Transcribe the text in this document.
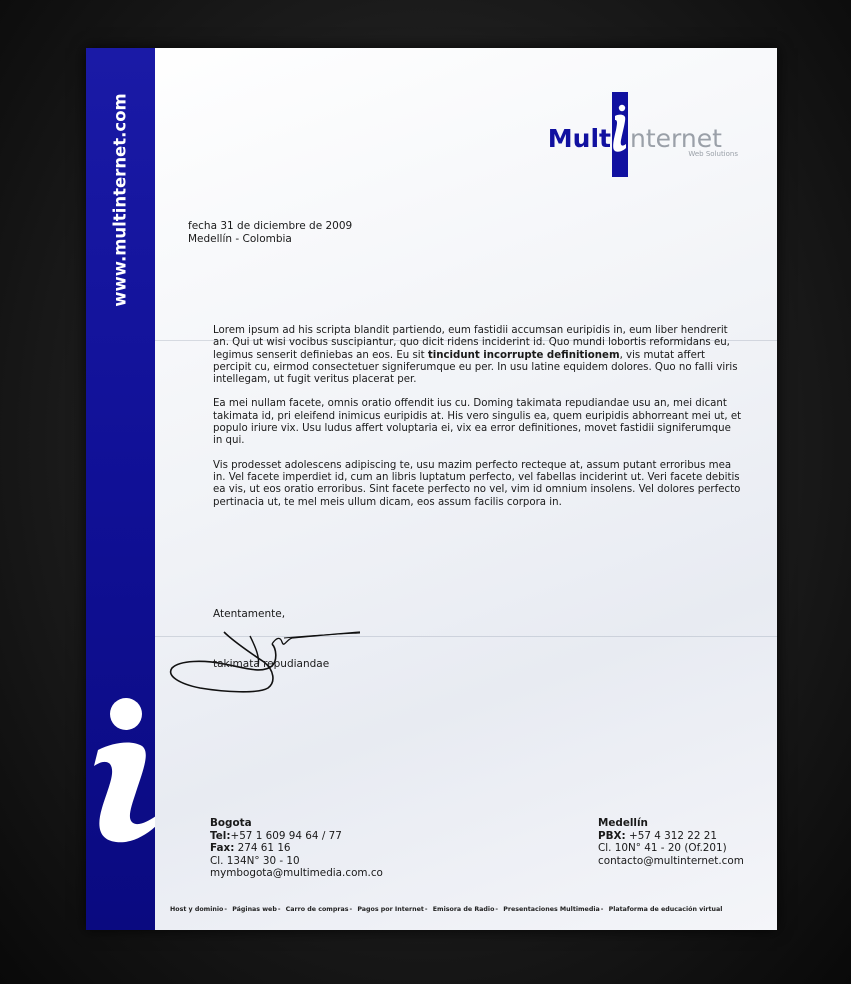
www.multinternet.com	Mult nternet
Web Solutions
fecha 31 de diciembre de 2009
Medellín - Colombia

Lorem ipsum ad his scripta blandit partiendo, eum fastidii accumsan euripidis in, eum liber hendrerit an. Qui ut wisi vocibus suscipiantur, quo dicit ridens inciderint id. Quo mundi lobortis reformidans eu, legimus senserit definiebas an eos. Eu sit tincidunt incorrupte definitionem, vis mutat affert percipit cu, eirmod consectetuer signiferumque eu per. In usu latine equidem dolores. Quo no falli viris intellegam, ut fugit veritus placerat per.

Ea mei nullam facete, omnis oratio offendit ius cu. Doming takimata repudiandae usu an, mei dicant takimata id, pri eleifend inimicus euripidis at. His vero singulis ea, quem euripidis abhorreant mei ut, et populo iriure vix. Usu ludus affert voluptaria ei, vix ea error definitiones, movet fastidii signiferumque in qui.

Vis prodesset adolescens adipiscing te, usu mazim perfecto recteque at, assum putant erroribus mea in. Vel facete imperdiet id, cum an libris luptatum perfecto, vel fabellas inciderint ut. Veri facete debitis ea vis, ut eos oratio erroribus. Sint facete perfecto no vel, vim id omnium insolens. Vel dolores perfecto pertinacia ut, te mel meis ullum dicam, eos assum facilis corpora in.

Atentamente,
takimata repudiandae
Bogota
Tel:+57 1 609 94 64 / 77
Fax: 274 61 16
Cl. 134N° 30 - 10
mymbogota@multimedia.com.co
Medellín
PBX: +57 4 312 22 21
Cl. 10N° 41 - 20 (Of.201)
contacto@multinternet.com
Host y dominio- Páginas web- Carro de compras- Pagos por Internet- Emisora de Radio- Presentaciones Multimedia- Plataforma de educación virtual
